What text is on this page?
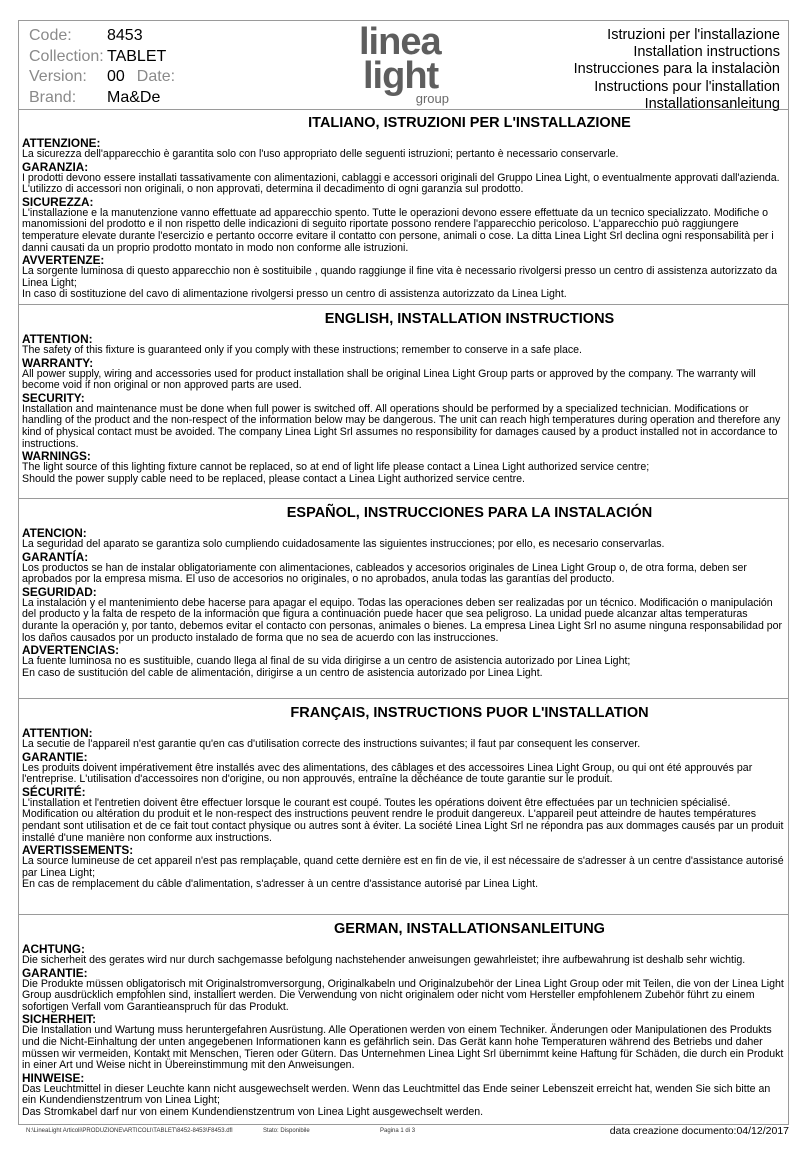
Code: 8453
Collection: TABLET
Version: 00 Date:
Brand: Ma&De
linea
light
group
Istruzioni per l'installazione
Installation instructions
Instrucciones para la instalaciòn
Instructions pour l'installation
Installationsanleitung
ITALIANO, ISTRUZIONI PER L'INSTALLAZIONE
ATTENZIONE:

La sicurezza dell'apparecchio è garantita solo con l'uso appropriato delle seguenti istruzioni; pertanto è necessario conservarle.

GARANZIA:

I prodotti devono essere installati tassativamente con alimentazioni, cablaggi e accessori originali del Gruppo Linea Light, o eventualmente approvati dall'azienda. L'utilizzo di accessori non originali, o non approvati, determina il decadimento di ogni garanzia sul prodotto.

SICUREZZA:

L'installazione e la manutenzione vanno effettuate ad apparecchio spento. Tutte le operazioni devono essere effettuate da un tecnico specializzato. Modifiche o manomissioni del prodotto e il non rispetto delle indicazioni di seguito riportate possono rendere l'apparecchio pericoloso. L'apparecchio può raggiungere temperature elevate durante l'esercizio e pertanto occorre evitare il contatto con persone, animali o cose. La ditta Linea Light Srl declina ogni responsabilità per i danni causati da un proprio prodotto montato in modo non conforme alle istruzioni.

AVVERTENZE:

La sorgente luminosa di questo apparecchio non è sostituibile , quando raggiunge il fine vita è necessario rivolgersi presso un centro di assistenza autorizzato da Linea Light;

In caso di sostituzione del cavo di alimentazione rivolgersi presso un centro di assistenza autorizzato da Linea Light.

ENGLISH, INSTALLATION INSTRUCTIONS
ATTENTION:

The safety of this fixture is guaranteed only if you comply with these instructions; remember to conserve in a safe place.

WARRANTY:

All power supply, wiring and accessories used for product installation shall be original Linea Light Group parts or approved by the company. The warranty will become void if non original or non approved parts are used.

SECURITY:

Installation and maintenance must be done when full power is switched off. All operations should be performed by a specialized technician. Modifications or handling of the product and the non-respect of the information below may be dangerous. The unit can reach high temperatures during operation and therefore any kind of physical contact must be avoided. The company Linea Light Srl assumes no responsibility for damages caused by a product installed not in accordance to instructions.

WARNINGS:

The light source of this lighting fixture cannot be replaced, so at end of light life please contact a Linea Light authorized service centre;

Should the power supply cable need to be replaced, please contact a Linea Light authorized service centre.

ESPAÑOL, INSTRUCCIONES PARA LA INSTALACIÓN
ATENCION:

La seguridad del aparato se garantiza solo cumpliendo cuidadosamente las siguientes instrucciones; por ello, es necesario conservarlas.

GARANTÍA:

Los productos se han de instalar obligatoriamente con alimentaciones, cableados y accesorios originales de Linea Light Group o, de otra forma, deben ser aprobados por la empresa misma. El uso de accesorios no originales, o no aprobados, anula todas las garantías del producto.

SEGURIDAD:

La instalación y el mantenimiento debe hacerse para apagar el equipo. Todas las operaciones deben ser realizadas por un técnico. Modificación o manipulación del producto y la falta de respeto de la información que figura a continuación puede hacer que sea peligroso. La unidad puede alcanzar altas temperaturas durante la operación y, por tanto, debemos evitar el contacto con personas, animales o bienes. La empresa Linea Light Srl no asume ninguna responsabilidad por los daños causados por un producto instalado de forma que no sea de acuerdo con las instrucciones.

ADVERTENCIAS:

La fuente luminosa no es sustituible, cuando llega al final de su vida dirigirse a un centro de asistencia autorizado por Linea Light;

En caso de sustitución del cable de alimentación, dirigirse a un centro de asistencia autorizado por Linea Light.

FRANÇAIS, INSTRUCTIONS PUOR L'INSTALLATION
ATTENTION:

La secutie de l'appareil n'est garantie qu'en cas d'utilisation correcte des instructions suivantes; il faut par consequent les conserver.

GARANTIE:

Les produits doivent impérativement être installés avec des alimentations, des câblages et des accessoires Linea Light Group, ou qui ont été approuvés par l'entreprise. L'utilisation d'accessoires non d'origine, ou non approuvés, entraîne la déchéance de toute garantie sur le produit.

SÉCURITÉ:

L'installation et l'entretien doivent être effectuer lorsque le courant est coupé. Toutes les opérations doivent être effectuées par un technicien spécialisé. Modification ou altération du produit et le non-respect des instructions peuvent rendre le produit dangereux. L'appareil peut atteindre de hautes températures pendant sont utilisation et de ce fait tout contact physique ou autres sont à éviter. La société Linea Light Srl ne répondra pas aux dommages causés par un produit installé d'une manière non conforme aux instructions.

AVERTISSEMENTS:

La source lumineuse de cet appareil n'est pas remplaçable, quand cette dernière est en fin de vie, il est nécessaire de s'adresser à un centre d'assistance autorisé par Linea Light;

En cas de remplacement du câble d'alimentation, s'adresser à un centre d'assistance autorisé par Linea Light.

GERMAN, INSTALLATIONSANLEITUNG
ACHTUNG:

Die sicherheit des gerates wird nur durch sachgemasse befolgung nachstehender anweisungen gewahrleistet; ihre aufbewahrung ist deshalb sehr wichtig.

GARANTIE:

Die Produkte müssen obligatorisch mit Originalstromversorgung, Originalkabeln und Originalzubehör der Linea Light Group oder mit Teilen, die von der Linea Light Group ausdrücklich empfohlen sind, installiert werden. Die Verwendung von nicht originalem oder nicht vom Hersteller empfohlenem Zubehör führt zu einem sofortigen Verfall vom Garantieanspruch für das Produkt.

SICHERHEIT:

Die Installation und Wartung muss heruntergefahren Ausrüstung. Alle Operationen werden von einem Techniker. Änderungen oder Manipulationen des Produkts und die Nicht-Einhaltung der unten angegebenen Informationen kann es gefährlich sein. Das Gerät kann hohe Temperaturen während des Betriebs und daher müssen wir vermeiden, Kontakt mit Menschen, Tieren oder Gütern. Das Unternehmen Linea Light Srl übernimmt keine Haftung für Schäden, die durch ein Produkt in einer Art und Weise nicht in Übereinstimmung mit den Anweisungen.

HINWEISE:

Das Leuchtmittel in dieser Leuchte kann nicht ausgewechselt werden. Wenn das Leuchtmittel das Ende seiner Lebenszeit erreicht hat, wenden Sie sich bitte an ein Kundendienstzentrum von Linea Light;

Das Stromkabel darf nur von einem Kundendienstzentrum von Linea Light ausgewechselt werden.

N:\LineaLight Articoli\PRODUZIONE\ARTICOLI\TABLET\8452-8453\F8453.dfl	Stato: Disponibile	Pagina 1 di 3	data creazione documento:04/12/2017
